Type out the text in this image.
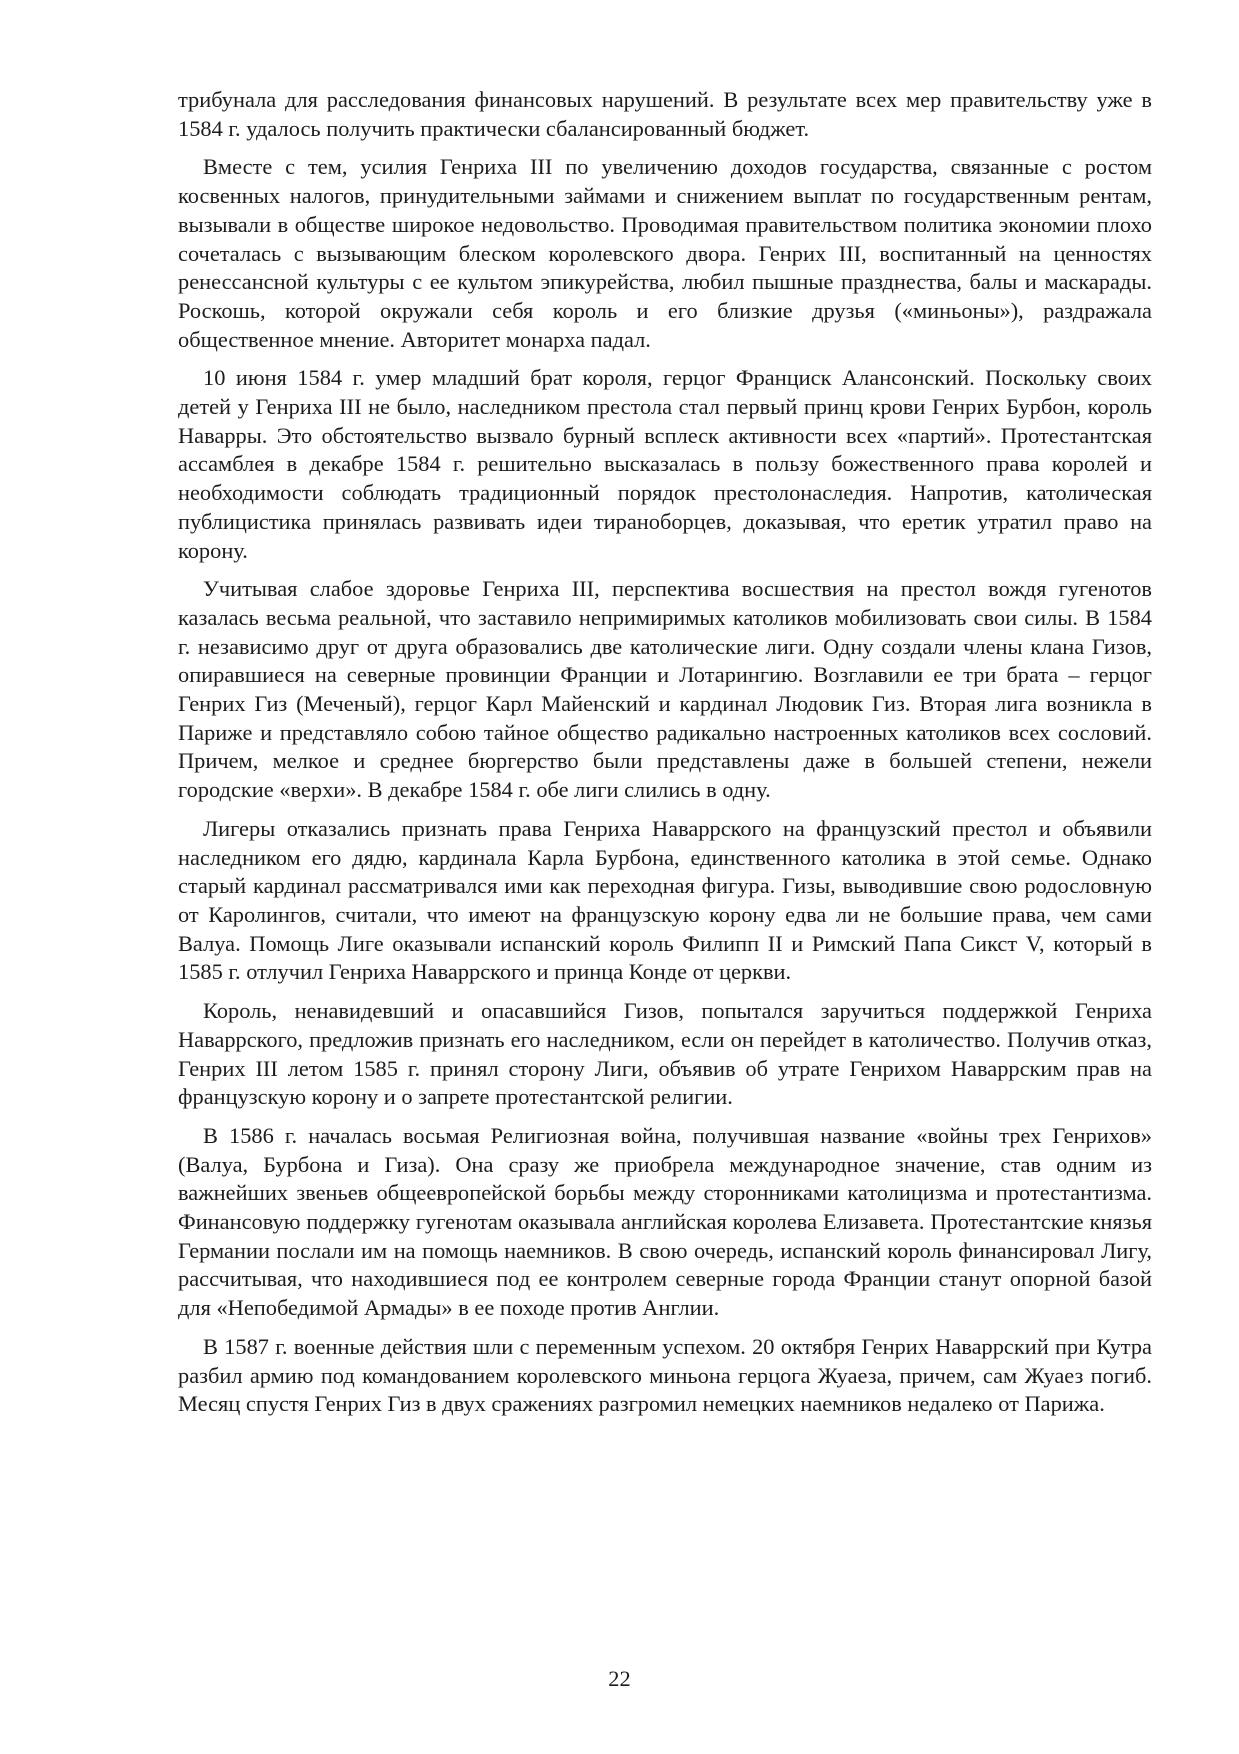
трибунала для расследования финансовых нарушений. В результате всех мер правительству уже в 1584 г. удалось получить практически сбалансированный бюджет.

Вместе с тем, усилия Генриха III по увеличению доходов государства, связанные с ростом косвенных налогов, принудительными займами и снижением выплат по государственным рентам, вызывали в обществе широкое недовольство. Проводимая правительством политика экономии плохо сочеталась с вызывающим блеском королевского двора. Генрих III, воспитанный на ценностях ренессансной культуры с ее культом эпикурейства, любил пышные празднества, балы и маскарады. Роскошь, которой окружали себя король и его близкие друзья («миньоны»), раздражала общественное мнение. Авторитет монарха падал.

10 июня 1584 г. умер младший брат короля, герцог Франциск Алансонский. Поскольку своих детей у Генриха III не было, наследником престола стал первый принц крови Генрих Бурбон, король Наварры. Это обстоятельство вызвало бурный всплеск активности всех «партий». Протестантская ассамблея в декабре 1584 г. решительно высказалась в пользу божественного права королей и необходимости соблюдать традиционный порядок престолонаследия. Напротив, католическая публицистика принялась развивать идеи тираноборцев, доказывая, что еретик утратил право на корону.

Учитывая слабое здоровье Генриха III, перспектива восшествия на престол вождя гугенотов казалась весьма реальной, что заставило непримиримых католиков мобилизовать свои силы. В 1584 г. независимо друг от друга образовались две католические лиги. Одну создали члены клана Гизов, опиравшиеся на северные провинции Франции и Лотарингию. Возглавили ее три брата – герцог Генрих Гиз (Меченый), герцог Карл Майенский и кардинал Людовик Гиз. Вторая лига возникла в Париже и представляло собою тайное общество радикально настроенных католиков всех сословий. Причем, мелкое и среднее бюргерство были представлены даже в большей степени, нежели городские «верхи». В декабре 1584 г. обе лиги слились в одну.

Лигеры отказались признать права Генриха Наваррского на французский престол и объявили наследником его дядю, кардинала Карла Бурбона, единственного католика в этой семье. Однако старый кардинал рассматривался ими как переходная фигура. Гизы, выводившие свою родословную от Каролингов, считали, что имеют на французскую корону едва ли не большие права, чем сами Валуа. Помощь Лиге оказывали испанский король Филипп II и Римский Папа Сикст V, который в 1585 г. отлучил Генриха Наваррского и принца Конде от церкви.

Король, ненавидевший и опасавшийся Гизов, попытался заручиться поддержкой Генриха Наваррского, предложив признать его наследником, если он перейдет в католичество. Получив отказ, Генрих III летом 1585 г. принял сторону Лиги, объявив об утрате Генрихом Наваррским прав на французскую корону и о запрете протестантской религии.

В 1586 г. началась восьмая Религиозная война, получившая название «войны трех Генрихов» (Валуа, Бурбона и Гиза). Она сразу же приобрела международное значение, став одним из важнейших звеньев общеевропейской борьбы между сторонниками католицизма и протестантизма. Финансовую поддержку гугенотам оказывала английская королева Елизавета. Протестантские князья Германии послали им на помощь наемников. В свою очередь, испанский король финансировал Лигу, рассчитывая, что находившиеся под ее контролем северные города Франции станут опорной базой для «Непобедимой Армады» в ее походе против Англии.

В 1587 г. военные действия шли с переменным успехом. 20 октября Генрих Наваррский при Кутра разбил армию под командованием королевского миньона герцога Жуаеза, причем, сам Жуаез погиб. Месяц спустя Генрих Гиз в двух сражениях разгромил немецких наемников недалеко от Парижа.

22
